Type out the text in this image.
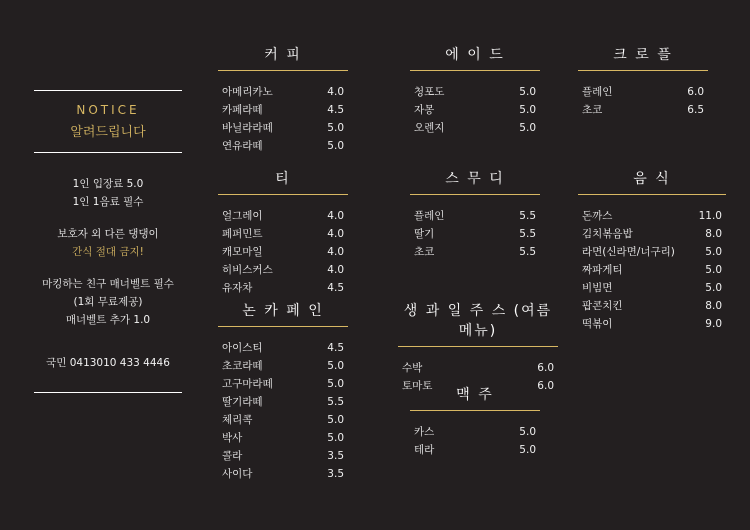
NOTICE
알려드립니다
1인 입장료 5.0
1인 1음료 필수
보호자 외 다른 댕댕이
간식 절대 금지!
마킹하는 친구 매너벨트 필수
(1회 무료제공)
매너벨트 추가 1.0
국민 0413010 433 4446
커 피
아메리카노	4.0
카페라떼	4.5
바닐라라떼	5.0
연유라떼	5.0
티
얼그레이	4.0
페퍼민트	4.0
캐모마일	4.0
히비스커스	4.0
유자차	4.5
논 카 페 인
아이스티	4.5
초코라떼	5.0
고구마라떼	5.0
딸기라떼	5.5
체리콕	5.0
박사	5.0
콜라	3.5
사이다	3.5
에 이 드
청포도	5.0
자몽	5.0
오렌지	5.0
스 무 디
플레인	5.5
딸기	5.5
초코	5.5
생 과 일 주 스 (여름메뉴)
수박	6.0
토마토	6.0
맥 주
카스	5.0
테라	5.0
크 로 플
플레인	6.0
초코	6.5
음 식
돈까스	11.0
김치볶음밥	8.0
라면(신라면/너구리)	5.0
짜파게티	5.0
비빔면	5.0
팝콘치킨	8.0
떡볶이	9.0
